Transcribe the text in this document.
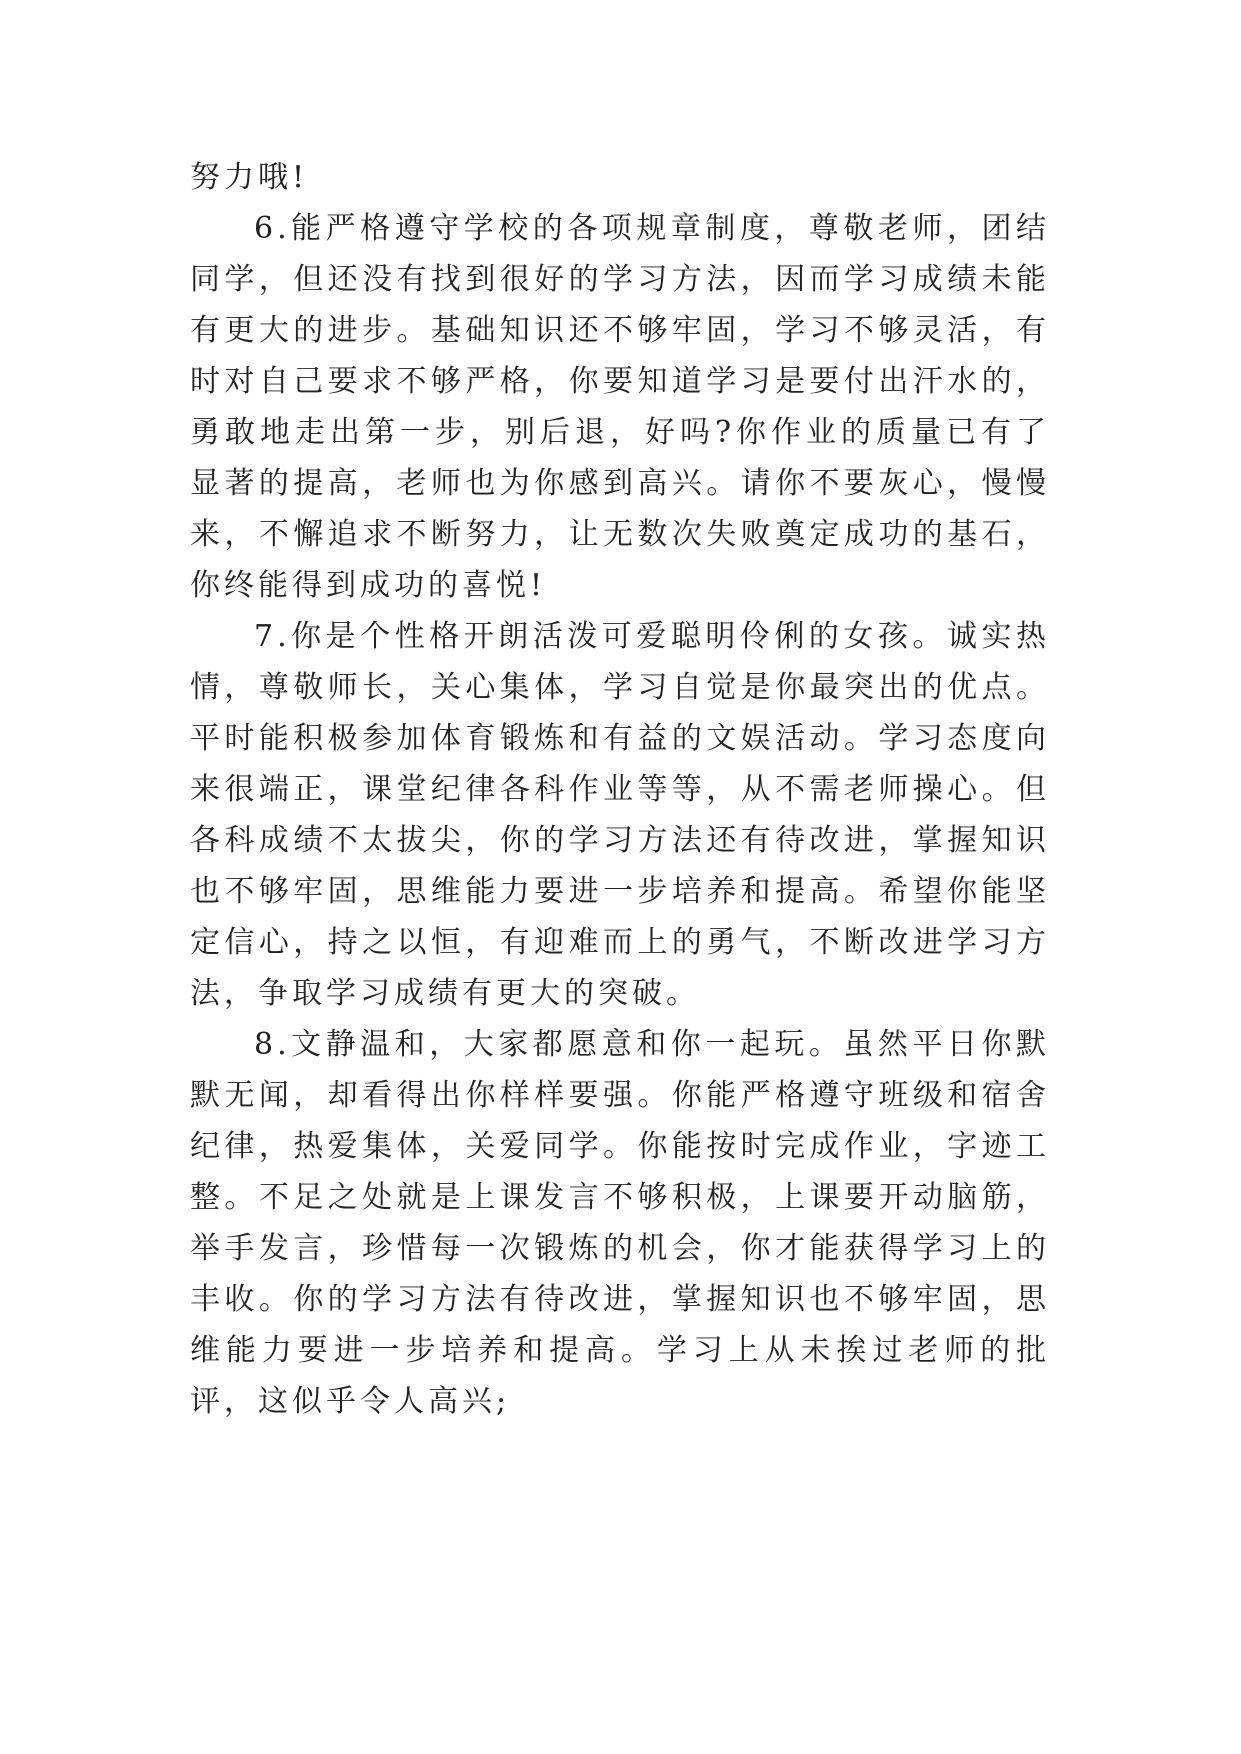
努力哦!

6.能严格遵守学校的各项规章制度，尊敬老师，团结同学，但还没有找到很好的学习方法，因而学习成绩未能有更大的进步。基础知识还不够牢固，学习不够灵活，有时对自己要求不够严格，你要知道学习是要付出汗水的，勇敢地走出第一步，别后退，好吗?你作业的质量已有了显著的提高，老师也为你感到高兴。请你不要灰心，慢慢来，不懈追求不断努力，让无数次失败奠定成功的基石，你终能得到成功的喜悦!

7.你是个性格开朗活泼可爱聪明伶俐的女孩。诚实热情，尊敬师长，关心集体，学习自觉是你最突出的优点。平时能积极参加体育锻炼和有益的文娱活动。学习态度向来很端正，课堂纪律各科作业等等，从不需老师操心。但各科成绩不太拔尖，你的学习方法还有待改进，掌握知识也不够牢固，思维能力要进一步培养和提高。希望你能坚定信心，持之以恒，有迎难而上的勇气，不断改进学习方法，争取学习成绩有更大的突破。

8.文静温和，大家都愿意和你一起玩。虽然平日你默默无闻，却看得出你样样要强。你能严格遵守班级和宿舍纪律，热爱集体，关爱同学。你能按时完成作业，字迹工整。不足之处就是上课发言不够积极，上课要开动脑筋，举手发言，珍惜每一次锻炼的机会，你才能获得学习上的丰收。你的学习方法有待改进，掌握知识也不够牢固，思维能力要进一步培养和提高。学习上从未挨过老师的批评，这似乎令人高兴;
